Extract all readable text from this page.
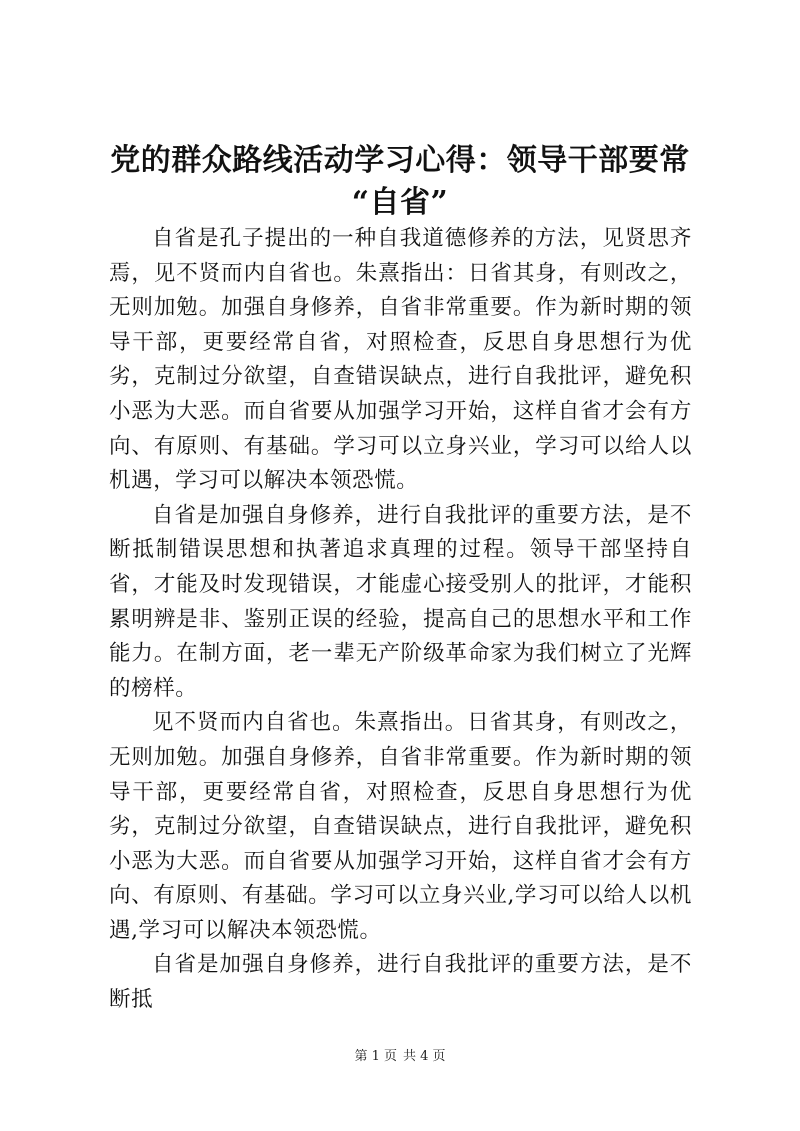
党的群众路线活动学习心得：领导干部要常
“自省”

自省是孔子提出的一种自我道德修养的方法，见贤思齐焉，见不贤而内自省也。朱熹指出：日省其身，有则改之，无则加勉。加强自身修养，自省非常重要。作为新时期的领导干部，更要经常自省，对照检查，反思自身思想行为优劣，克制过分欲望，自查错误缺点，进行自我批评，避免积小恶为大恶。而自省要从加强学习开始，这样自省才会有方向、有原则、有基础。学习可以立身兴业，学习可以给人以机遇，学习可以解决本领恐慌。

自省是加强自身修养，进行自我批评的重要方法，是不断抵制错误思想和执著追求真理的过程。领导干部坚持自省，才能及时发现错误，才能虚心接受别人的批评，才能积累明辨是非、鉴别正误的经验，提高自己的思想水平和工作能力。在制方面，老一辈无产阶级革命家为我们树立了光辉的榜样。

见不贤而内自省也。朱熹指出。日省其身，有则改之，无则加勉。加强自身修养，自省非常重要。作为新时期的领导干部，更要经常自省，对照检查，反思自身思想行为优劣，克制过分欲望，自查错误缺点，进行自我批评，避免积小恶为大恶。而自省要从加强学习开始，这样自省才会有方向、有原则、有基础。学习可以立身兴业,学习可以给人以机遇,学习可以解决本领恐慌。

自省是加强自身修养，进行自我批评的重要方法，是不断抵

第 1 页 共 4 页
